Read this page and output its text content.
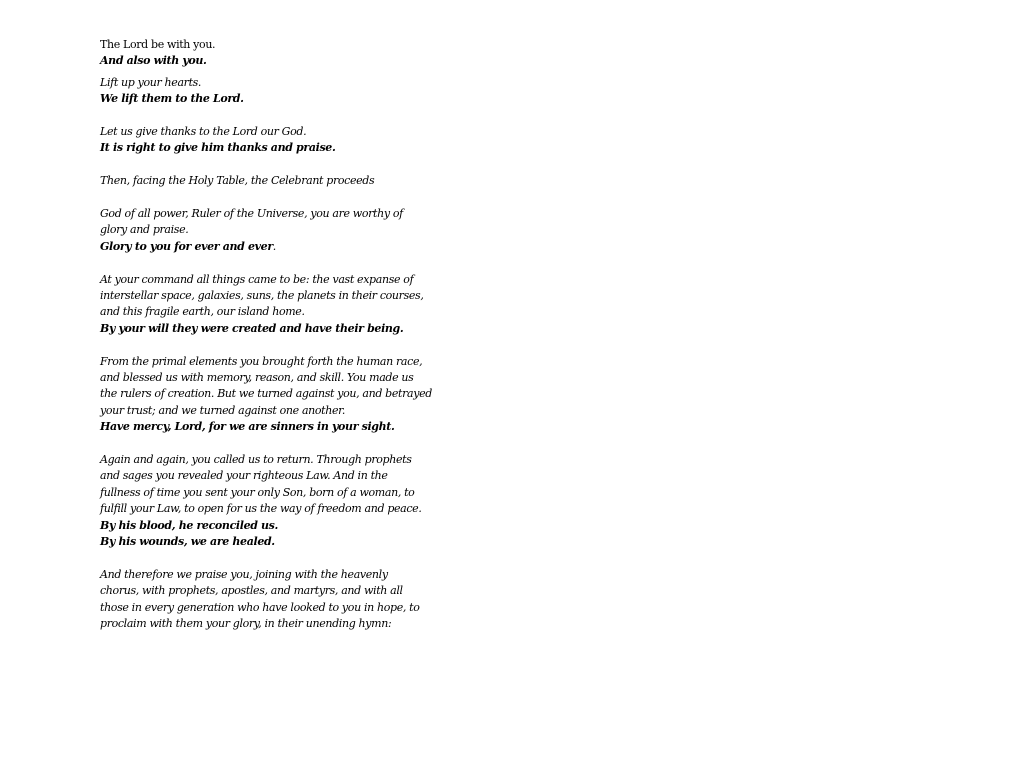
The Lord be with you.
And also with you.
Lift up your hearts.
We lift them to the Lord.
Let us give thanks to the Lord our God.
It is right to give him thanks and praise.
Then, facing the Holy Table, the Celebrant proceeds
God of all power, Ruler of the Universe, you are worthy of
glory and praise.
Glory to you for ever and ever.
At your command all things came to be: the vast expanse of
interstellar space, galaxies, suns, the planets in their courses,
and this fragile earth, our island home.
By your will they were created and have their being.
From the primal elements you brought forth the human race,
and blessed us with memory, reason, and skill. You made us
the rulers of creation. But we turned against you, and betrayed
your trust; and we turned against one another.
Have mercy, Lord, for we are sinners in your sight.
Again and again, you called us to return. Through prophets
and sages you revealed your righteous Law. And in the
fullness of time you sent your only Son, born of a woman, to
fulfill your Law, to open for us the way of freedom and peace.
By his blood, he reconciled us.
By his wounds, we are healed.
And therefore we praise you, joining with the heavenly
chorus, with prophets, apostles, and martyrs, and with all
those in every generation who have looked to you in hope, to
proclaim with them your glory, in their unending hymn:
